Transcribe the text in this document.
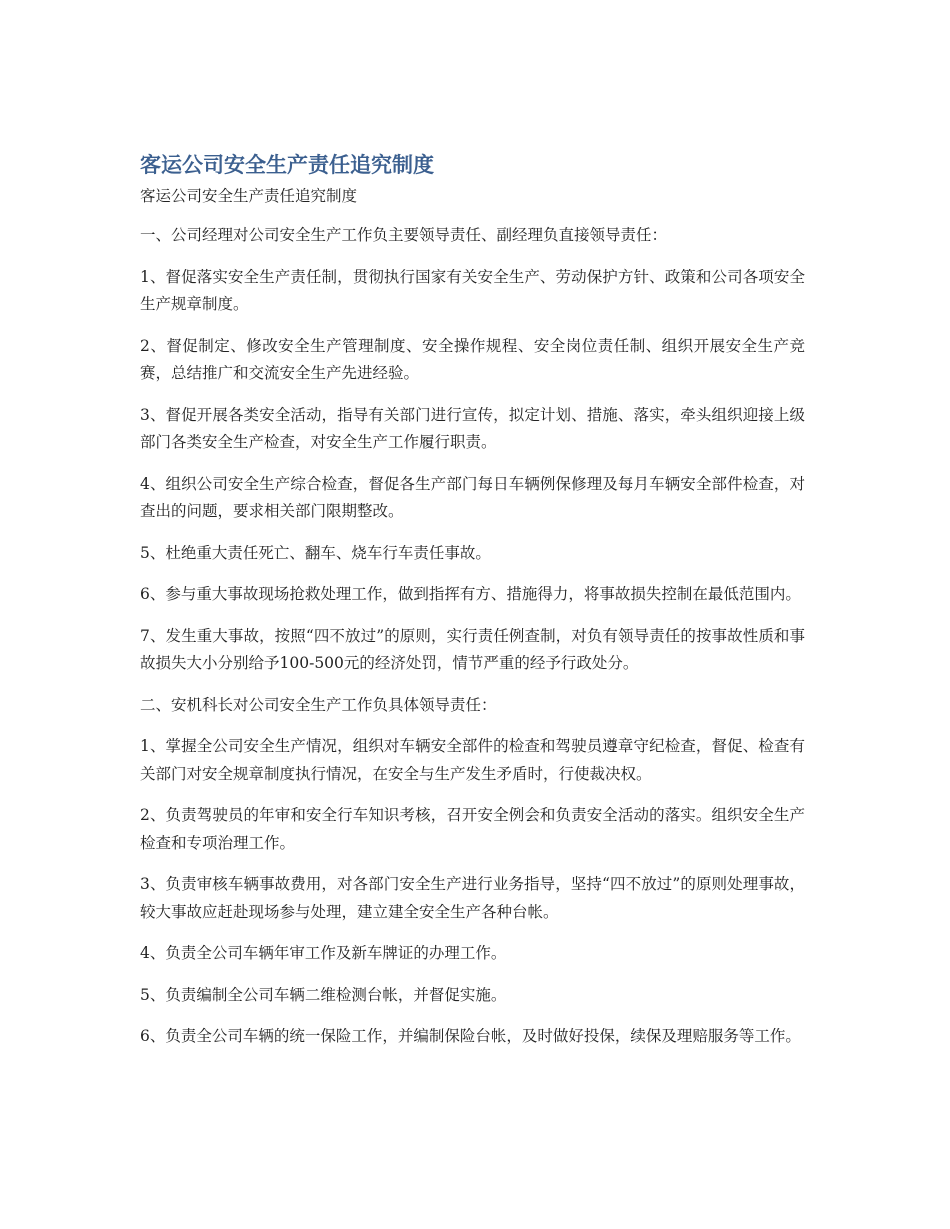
客运公司安全生产责任追究制度

客运公司安全生产责任追究制度

一、公司经理对公司安全生产工作负主要领导责任、副经理负直接领导责任：

1、督促落实安全生产责任制，贯彻执行国家有关安全生产、劳动保护方针、政策和公司各项安全生产规章制度。

2、督促制定、修改安全生产管理制度、安全操作规程、安全岗位责任制、组织开展安全生产竞赛，总结推广和交流安全生产先进经验。

3、督促开展各类安全活动，指导有关部门进行宣传，拟定计划、措施、落实，牵头组织迎接上级部门各类安全生产检查，对安全生产工作履行职责。

4、组织公司安全生产综合检查，督促各生产部门每日车辆例保修理及每月车辆安全部件检查，对查出的问题，要求相关部门限期整改。

5、杜绝重大责任死亡、翻车、烧车行车责任事故。

6、参与重大事故现场抢救处理工作，做到指挥有方、措施得力，将事故损失控制在最低范围内。

7、发生重大事故，按照“四不放过”的原则，实行责任例查制，对负有领导责任的按事故性质和事故损失大小分别给予100-500元的经济处罚，情节严重的经予行政处分。

二、安机科长对公司安全生产工作负具体领导责任：

1、掌握全公司安全生产情况，组织对车辆安全部件的检查和驾驶员遵章守纪检查，督促、检查有关部门对安全规章制度执行情况，在安全与生产发生矛盾时，行使裁决权。

2、负责驾驶员的年审和安全行车知识考核，召开安全例会和负责安全活动的落实。组织安全生产检查和专项治理工作。

3、负责审核车辆事故费用，对各部门安全生产进行业务指导，坚持“四不放过”的原则处理事故，较大事故应赶赴现场参与处理，建立建全安全生产各种台帐。

4、负责全公司车辆年审工作及新车牌证的办理工作。

5、负责编制全公司车辆二维检测台帐，并督促实施。

6、负责全公司车辆的统一保险工作，并编制保险台帐，及时做好投保，续保及理赔服务等工作。
